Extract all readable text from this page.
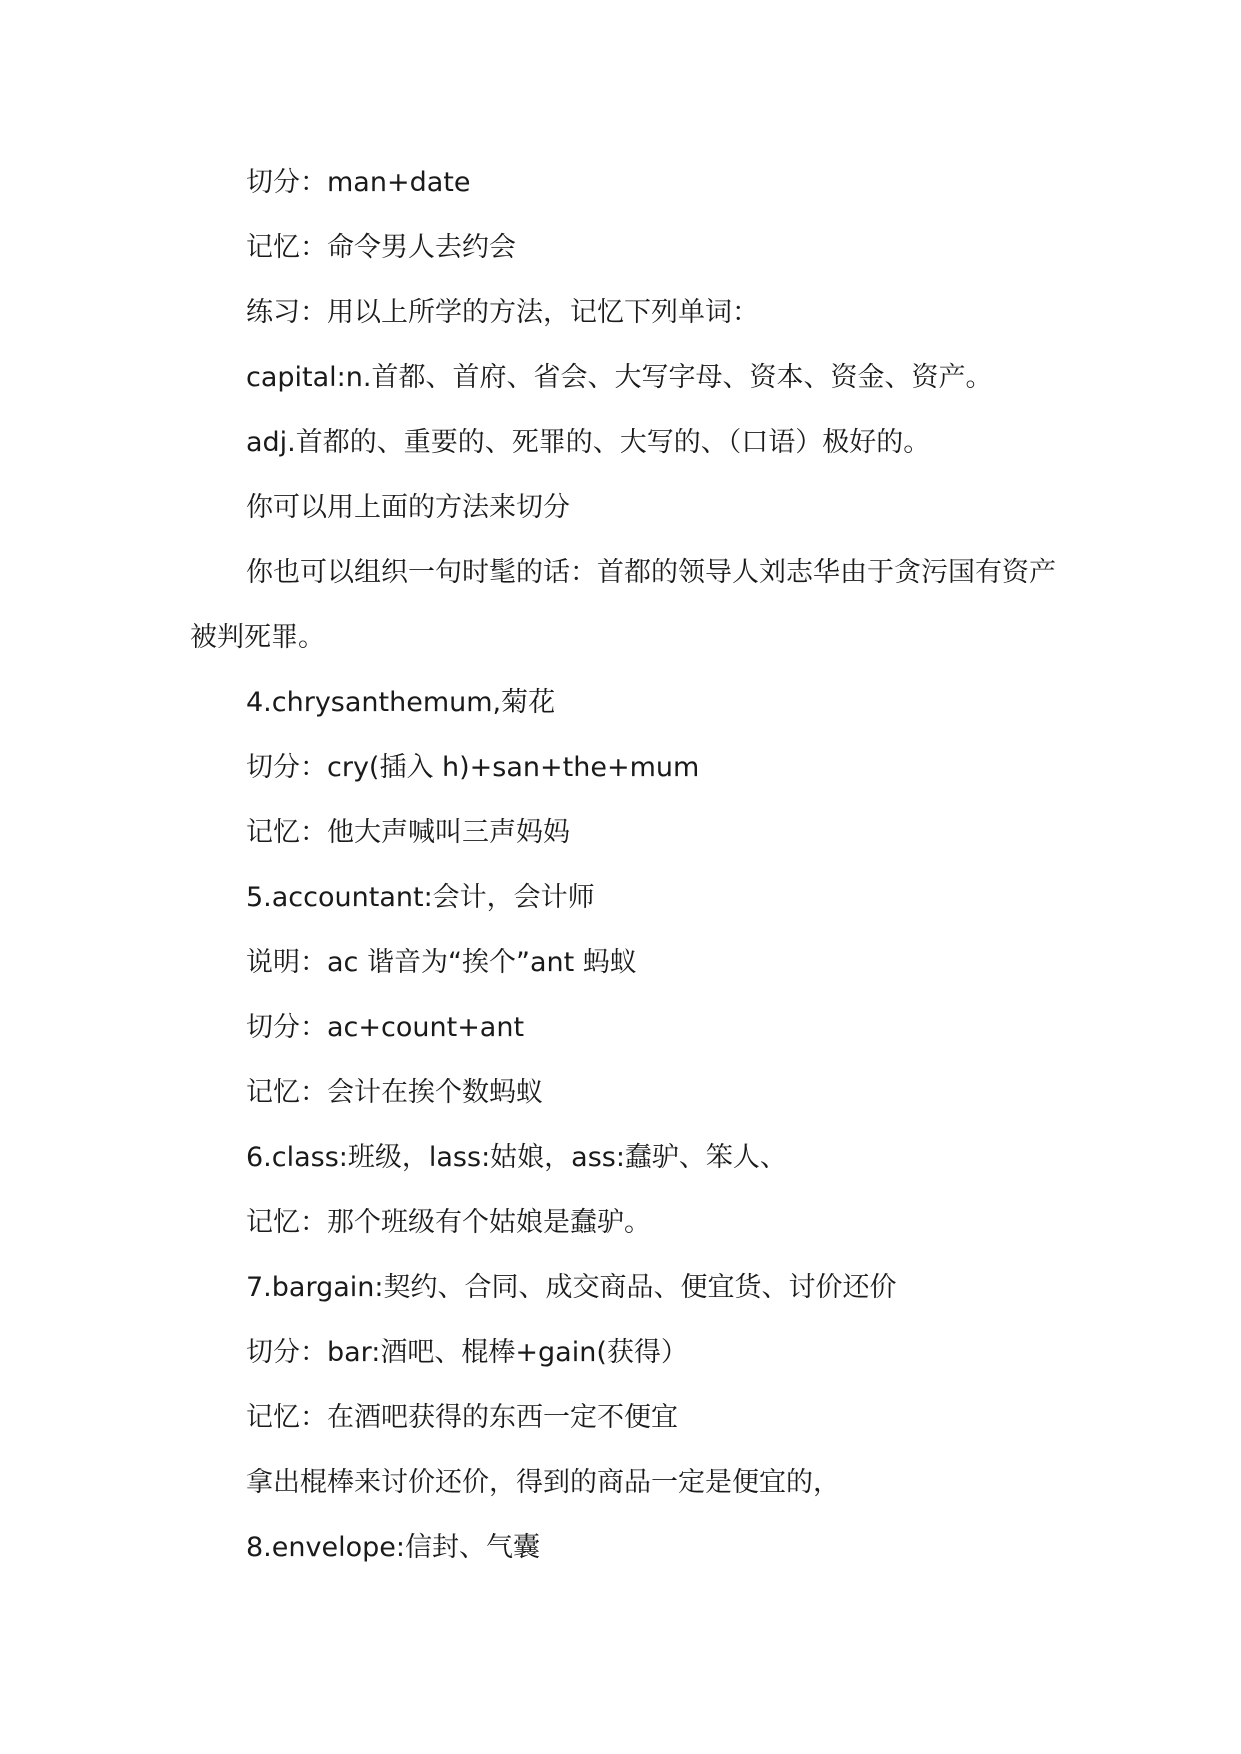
切分：man+date
记忆：命令男人去约会
练习：用以上所学的方法，记忆下列单词：
capital:n.首都、首府、省会、大写字母、资本、资金、资产。
adj.首都的、重要的、死罪的、大写的、（口语）极好的。
你可以用上面的方法来切分
你也可以组织一句时髦的话：首都的领导人刘志华由于贪污国有资产被判死罪。
4.chrysanthemum,菊花
切分：cry(插入 h)+san+the+mum
记忆：他大声喊叫三声妈妈
5.accountant:会计，会计师
说明：ac 谐音为“挨个”ant 蚂蚁
切分：ac+count+ant
记忆：会计在挨个数蚂蚁
6.class:班级，lass:姑娘，ass:蠢驴、笨人、
记忆：那个班级有个姑娘是蠢驴。
7.bargain:契约、合同、成交商品、便宜货、讨价还价
切分：bar:酒吧、棍棒+gain(获得）
记忆：在酒吧获得的东西一定不便宜
拿出棍棒来讨价还价，得到的商品一定是便宜的，
8.envelope:信封、气囊
